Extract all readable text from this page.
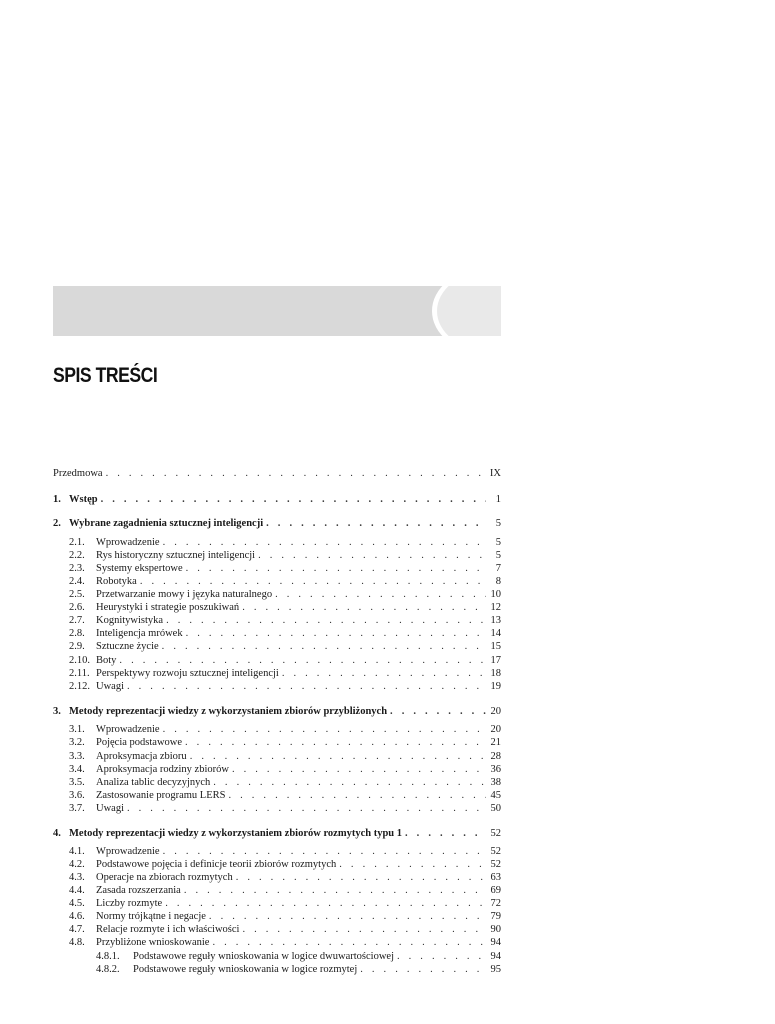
SPIS TREŚCI
Przedmowa . . .	IX
1. Wstęp . . .	1
2. Wybrane zagadnienia sztucznej inteligencji . . .	5
2.1.	Wprowadzenie . . .	5
2.2.	Rys historyczny sztucznej inteligencji . . .	5
2.3.	Systemy ekspertowe . . .	7
2.4.	Robotyka . . .	8
2.5.	Przetwarzanie mowy i języka naturalnego . . .	10
2.6.	Heurystyki i strategie poszukiwań . . .	12
2.7.	Kognitywistyka . . .	13
2.8.	Inteligencja mrówek . . .	14
2.9.	Sztuczne życie . . .	15
2.10. Boty . . .	17
2.11. Perspektywy rozwoju sztucznej inteligencji . . .	18
2.12. Uwagi . . .	19
3. Metody reprezentacji wiedzy z wykorzystaniem zbiorów przybliżonych . . .	20
3.1.	Wprowadzenie . . .	20
3.2.	Pojęcia podstawowe . . .	21
3.3.	Aproksymacja zbioru . . .	28
3.4.	Aproksymacja rodziny zbiorów . . .	36
3.5.	Analiza tablic decyzyjnych . . .	38
3.6.	Zastosowanie programu LERS . . .	45
3.7.	Uwagi . . .	50
4. Metody reprezentacji wiedzy z wykorzystaniem zbiorów rozmytych typu 1 . . .	52
4.1.	Wprowadzenie . . .	52
4.2.	Podstawowe pojęcia i definicje teorii zbiorów rozmytych . . .	52
4.3.	Operacje na zbiorach rozmytych . . .	63
4.4.	Zasada rozszerzania . . .	69
4.5.	Liczby rozmyte . . .	72
4.6.	Normy trójkątne i negacje . . .	79
4.7.	Relacje rozmyte i ich właściwości . . .	90
4.8.	Przybliżone wnioskowanie . . .	94
4.8.1.	Podstawowe reguły wnioskowania w logice dwuwartościowej . . .	94
4.8.2.	Podstawowe reguły wnioskowania w logice rozmytej . . .	95
